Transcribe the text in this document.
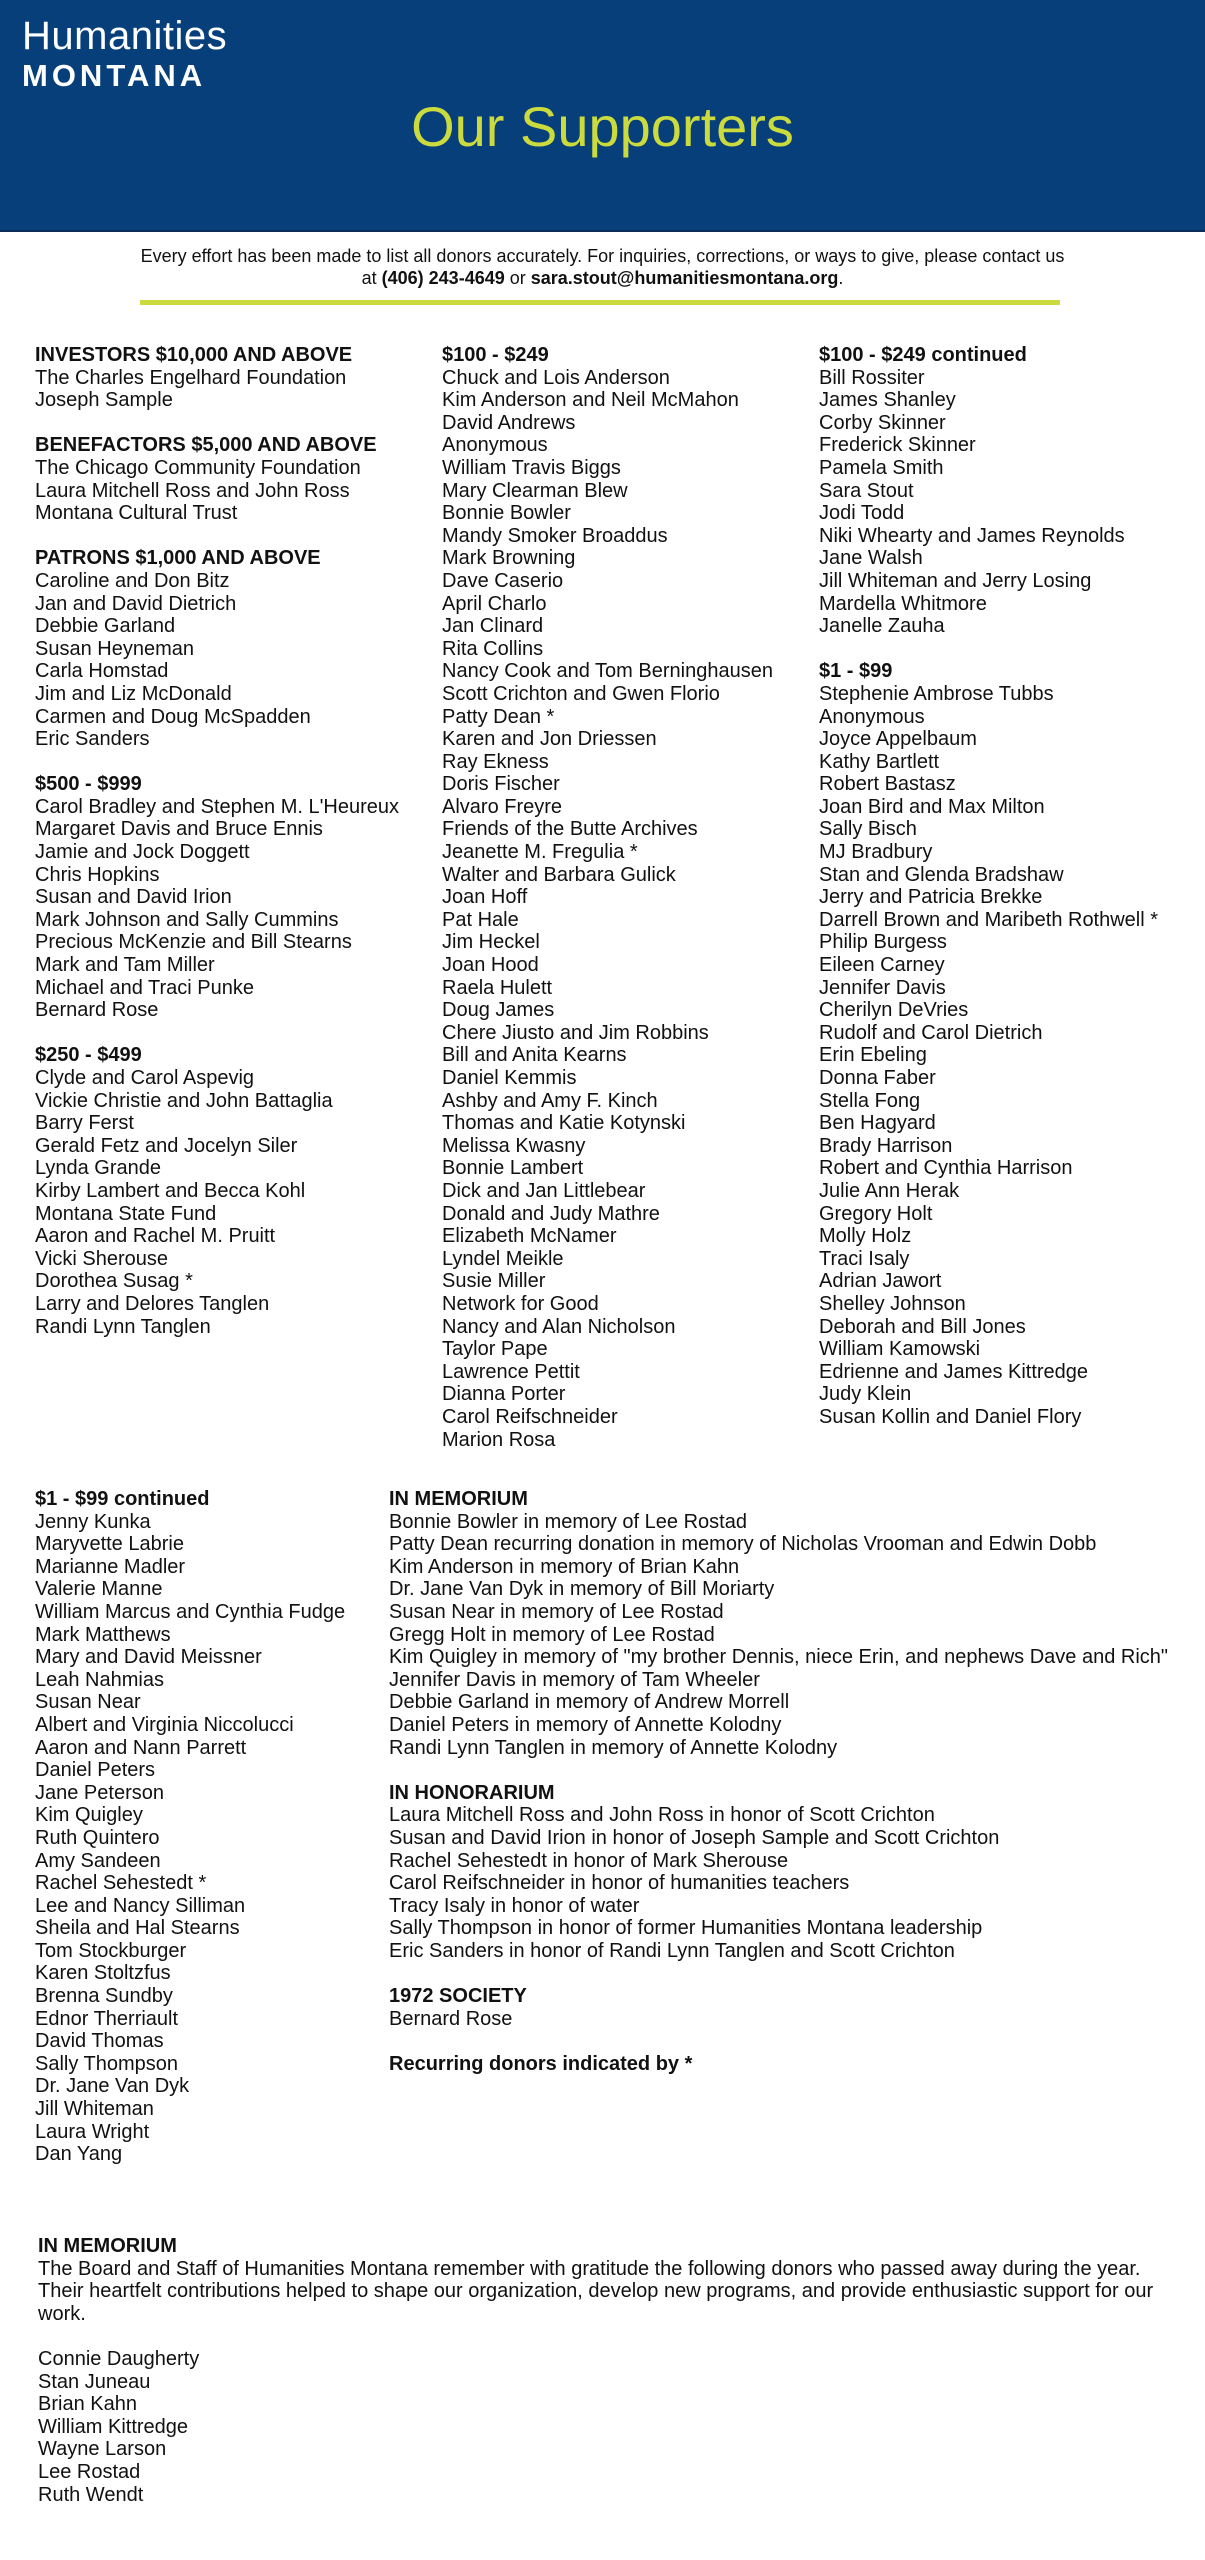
Humanities
MONTANA
Our Supporters

Every effort has been made to list all donors accurately. For inquiries, corrections, or ways to give, please contact us at (406) 243-4649 or sara.stout@humanitiesmontana.org.

INVESTORS $10,000 AND ABOVE
The Charles Engelhard Foundation
Joseph Sample
BENEFACTORS $5,000 AND ABOVE
The Chicago Community Foundation
Laura Mitchell Ross and John Ross
Montana Cultural Trust
PATRONS $1,000 AND ABOVE
Caroline and Don Bitz
Jan and David Dietrich
Debbie Garland
Susan Heyneman
Carla Homstad
Jim and Liz McDonald
Carmen and Doug McSpadden
Eric Sanders
$500 - $999
Carol Bradley and Stephen M. L'Heureux
Margaret Davis and Bruce Ennis
Jamie and Jock Doggett
Chris Hopkins
Susan and David Irion
Mark Johnson and Sally Cummins
Precious McKenzie and Bill Stearns
Mark and Tam Miller
Michael and Traci Punke
Bernard Rose
$250 - $499
Clyde and Carol Aspevig
Vickie Christie and John Battaglia
Barry Ferst
Gerald Fetz and Jocelyn Siler
Lynda Grande
Kirby Lambert and Becca Kohl
Montana State Fund
Aaron and Rachel M. Pruitt
Vicki Sherouse
Dorothea Susag *
Larry and Delores Tanglen
Randi Lynn Tanglen
$100 - $249
Chuck and Lois Anderson
Kim Anderson and Neil McMahon
David Andrews
Anonymous
William Travis Biggs
Mary Clearman Blew
Bonnie Bowler
Mandy Smoker Broaddus
Mark Browning
Dave Caserio
April Charlo
Jan Clinard
Rita Collins
Nancy Cook and Tom Berninghausen
Scott Crichton and Gwen Florio
Patty Dean *
Karen and Jon Driessen
Ray Ekness
Doris Fischer
Alvaro Freyre
Friends of the Butte Archives
Jeanette M. Fregulia *
Walter and Barbara Gulick
Joan Hoff
Pat Hale
Jim Heckel
Joan Hood
Raela Hulett
Doug James
Chere Jiusto and Jim Robbins
Bill and Anita Kearns
Daniel Kemmis
Ashby and Amy F. Kinch
Thomas and Katie Kotynski
Melissa Kwasny
Bonnie Lambert
Dick and Jan Littlebear
Donald and Judy Mathre
Elizabeth McNamer
Lyndel Meikle
Susie Miller
Network for Good
Nancy and Alan Nicholson
Taylor Pape
Lawrence Pettit
Dianna Porter
Carol Reifschneider
Marion Rosa
$100 - $249 continued
Bill Rossiter
James Shanley
Corby Skinner
Frederick Skinner
Pamela Smith
Sara Stout
Jodi Todd
Niki Whearty and James Reynolds
Jane Walsh
Jill Whiteman and Jerry Losing
Mardella Whitmore
Janelle Zauha
$1 - $99
Stephenie Ambrose Tubbs
Anonymous
Joyce Appelbaum
Kathy Bartlett
Robert Bastasz
Joan Bird and Max Milton
Sally Bisch
MJ Bradbury
Stan and Glenda Bradshaw
Jerry and Patricia Brekke
Darrell Brown and Maribeth Rothwell *
Philip Burgess
Eileen Carney
Jennifer Davis
Cherilyn DeVries
Rudolf and Carol Dietrich
Erin Ebeling
Donna Faber
Stella Fong
Ben Hagyard
Brady Harrison
Robert and Cynthia Harrison
Julie Ann Herak
Gregory Holt
Molly Holz
Traci Isaly
Adrian Jawort
Shelley Johnson
Deborah and Bill Jones
William Kamowski
Edrienne and James Kittredge
Judy Klein
Susan Kollin and Daniel Flory
$1 - $99 continued
Jenny Kunka
Maryvette Labrie
Marianne Madler
Valerie Manne
William Marcus and Cynthia Fudge
Mark Matthews
Mary and David Meissner
Leah Nahmias
Susan Near
Albert and Virginia Niccolucci
Aaron and Nann Parrett
Daniel Peters
Jane Peterson
Kim Quigley
Ruth Quintero
Amy Sandeen
Rachel Sehestedt *
Lee and Nancy Silliman
Sheila and Hal Stearns
Tom Stockburger
Karen Stoltzfus
Brenna Sundby
Ednor Therriault
David Thomas
Sally Thompson
Dr. Jane Van Dyk
Jill Whiteman
Laura Wright
Dan Yang
IN MEMORIUM
Bonnie Bowler in memory of Lee Rostad
Patty Dean recurring donation in memory of Nicholas Vrooman and Edwin Dobb
Kim Anderson in memory of Brian Kahn
Dr. Jane Van Dyk in memory of Bill Moriarty
Susan Near in memory of Lee Rostad
Gregg Holt in memory of Lee Rostad
Kim Quigley in memory of "my brother Dennis, niece Erin, and nephews Dave and Rich"
Jennifer Davis in memory of Tam Wheeler
Debbie Garland in memory of Andrew Morrell
Daniel Peters in memory of Annette Kolodny
Randi Lynn Tanglen in memory of Annette Kolodny
IN HONORARIUM
Laura Mitchell Ross and John Ross in honor of Scott Crichton
Susan and David Irion in honor of Joseph Sample and Scott Crichton
Rachel Sehestedt in honor of Mark Sherouse
Carol Reifschneider in honor of humanities teachers
Tracy Isaly in honor of water
Sally Thompson in honor of former Humanities Montana leadership
Eric Sanders in honor of Randi Lynn Tanglen and Scott Crichton
1972 SOCIETY
Bernard Rose

Recurring donors indicated by *

IN MEMORIUM

The Board and Staff of Humanities Montana remember with gratitude the following donors who passed away during the year. Their heartfelt contributions helped to shape our organization, develop new programs, and provide enthusiastic support for our work.

Connie Daugherty
Stan Juneau
Brian Kahn
William Kittredge
Wayne Larson
Lee Rostad
Ruth Wendt
